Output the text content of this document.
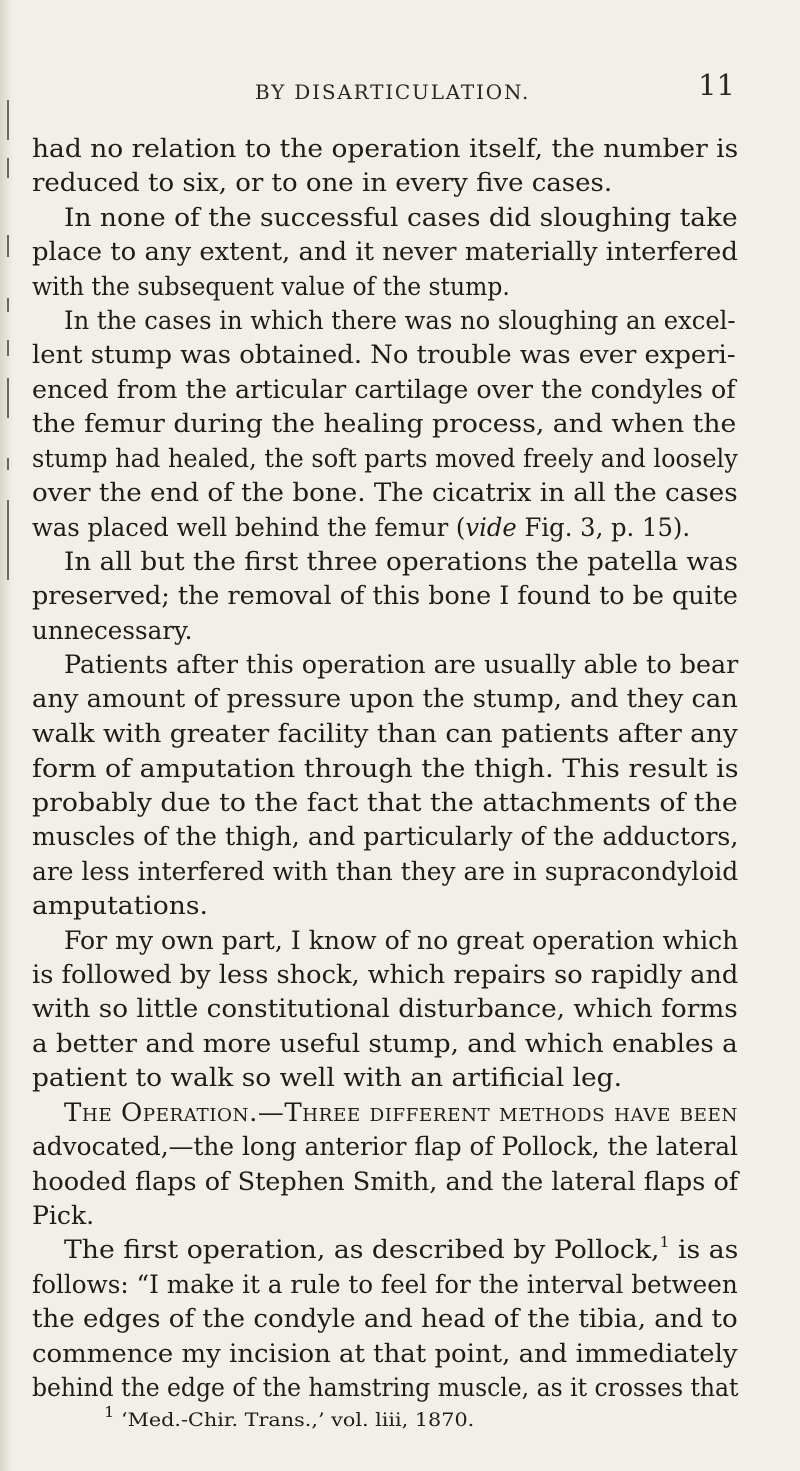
BY DISARTICULATION.	11
had no relation to the operation itself, the number is
reduced to six, or to one in every five cases.
In none of the successful cases did sloughing take
place to any extent, and it never materially interfered
with the subsequent value of the stump.
In the cases in which there was no sloughing an excel-
lent stump was obtained. No trouble was ever experi-
enced from the articular cartilage over the condyles of
the femur during the healing process, and when the
stump had healed, the soft parts moved freely and loosely
over the end of the bone. The cicatrix in all the cases
was placed well behind the femur (vide Fig. 3, p. 15).
In all but the first three operations the patella was
preserved; the removal of this bone I found to be quite
unnecessary.
Patients after this operation are usually able to bear
any amount of pressure upon the stump, and they can
walk with greater facility than can patients after any
form of amputation through the thigh. This result is
probably due to the fact that the attachments of the
muscles of the thigh, and particularly of the adductors,
are less interfered with than they are in supracondyloid
amputations.
For my own part, I know of no great operation which
is followed by less shock, which repairs so rapidly and
with so little constitutional disturbance, which forms
a better and more useful stump, and which enables a
patient to walk so well with an artificial leg.
The Operation.—Three different methods have been
advocated,—the long anterior flap of Pollock, the lateral
hooded flaps of Stephen Smith, and the lateral flaps of
Pick.
The first operation, as described by Pollock,$^1$ is as
follows: “I make it a rule to feel for the interval between
the edges of the condyle and head of the tibia, and to
commence my incision at that point, and immediately
behind the edge of the hamstring muscle, as it crosses that
$^1$ ‘Med.-Chir. Trans.,’ vol. liii, 1870.
